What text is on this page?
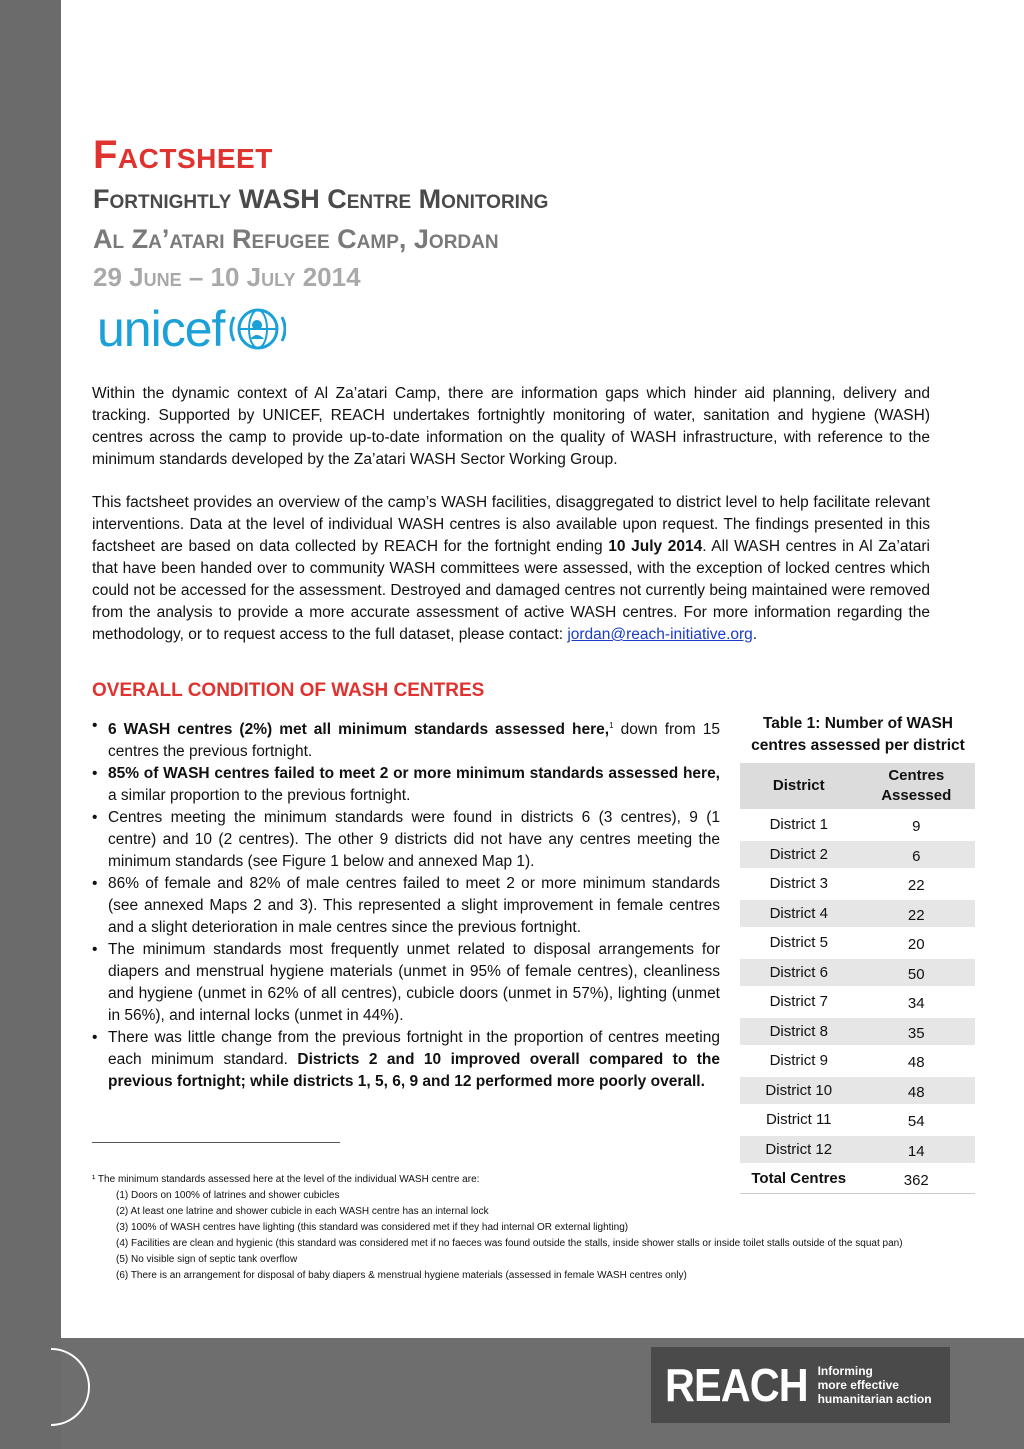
Factsheet
Fortnightly WASH Centre Monitoring
Al Za’atari Refugee Camp, Jordan
29 June – 10 July 2014
unicef
Within the dynamic context of Al Za’atari Camp, there are information gaps which hinder aid planning, delivery and tracking. Supported by UNICEF, REACH undertakes fortnightly monitoring of water, sanitation and hygiene (WASH) centres across the camp to provide up-to-date information on the quality of WASH infrastructure, with reference to the minimum standards developed by the Za’atari WASH Sector Working Group.
This factsheet provides an overview of the camp’s WASH facilities, disaggregated to district level to help facilitate relevant interventions. Data at the level of individual WASH centres is also available upon request. The findings presented in this factsheet are based on data collected by REACH for the fortnight ending 10 July 2014. All WASH centres in Al Za’atari that have been handed over to community WASH committees were assessed, with the exception of locked centres which could not be accessed for the assessment. Destroyed and damaged centres not currently being maintained were removed from the analysis to provide a more accurate assessment of active WASH centres. For more information regarding the methodology, or to request access to the full dataset, please contact: jordan@reach-initiative.org.
OVERALL CONDITION OF WASH CENTRES
• 6 WASH centres (2%) met all minimum standards assessed here,$^1$ down from 15 centres the previous fortnight.
• 85% of WASH centres failed to meet 2 or more minimum standards assessed here, a similar proportion to the previous fortnight.
• Centres meeting the minimum standards were found in districts 6 (3 centres), 9 (1 centre) and 10 (2 centres). The other 9 districts did not have any centres meeting the minimum standards (see Figure 1 below and annexed Map 1).
• 86% of female and 82% of male centres failed to meet 2 or more minimum standards (see annexed Maps 2 and 3). This represented a slight improvement in female centres and a slight deterioration in male centres since the previous fortnight.
• The minimum standards most frequently unmet related to disposal arrangements for diapers and menstrual hygiene materials (unmet in 95% of female centres), cleanliness and hygiene (unmet in 62% of all centres), cubicle doors (unmet in 57%), lighting (unmet in 56%), and internal locks (unmet in 44%).
• There was little change from the previous fortnight in the proportion of centres meeting each minimum standard. Districts 2 and 10 improved overall compared to the previous fortnight; while districts 1, 5, 6, 9 and 12 performed more poorly overall.
Table 1: Number of WASH centres assessed per district
District	Centres Assessed
District 1	9
District 2	6
District 3	22
District 4	22
District 5	20
District 6	50
District 7	34
District 8	35
District 9	48
District 10	48
District 11	54
District 12	14
Total Centres	362
¹ The minimum standards assessed here at the level of the individual WASH centre are:
(1) Doors on 100% of latrines and shower cubicles
(2) At least one latrine and shower cubicle in each WASH centre has an internal lock
(3) 100% of WASH centres have lighting (this standard was considered met if they had internal OR external lighting)
(4) Facilities are clean and hygienic (this standard was considered met if no faeces was found outside the stalls, inside shower stalls or inside toilet stalls outside of the squat pan)
(5) No visible sign of septic tank overflow
(6) There is an arrangement for disposal of baby diapers & menstrual hygiene materials (assessed in female WASH centres only)
REACH Informing
more effective
humanitarian action
